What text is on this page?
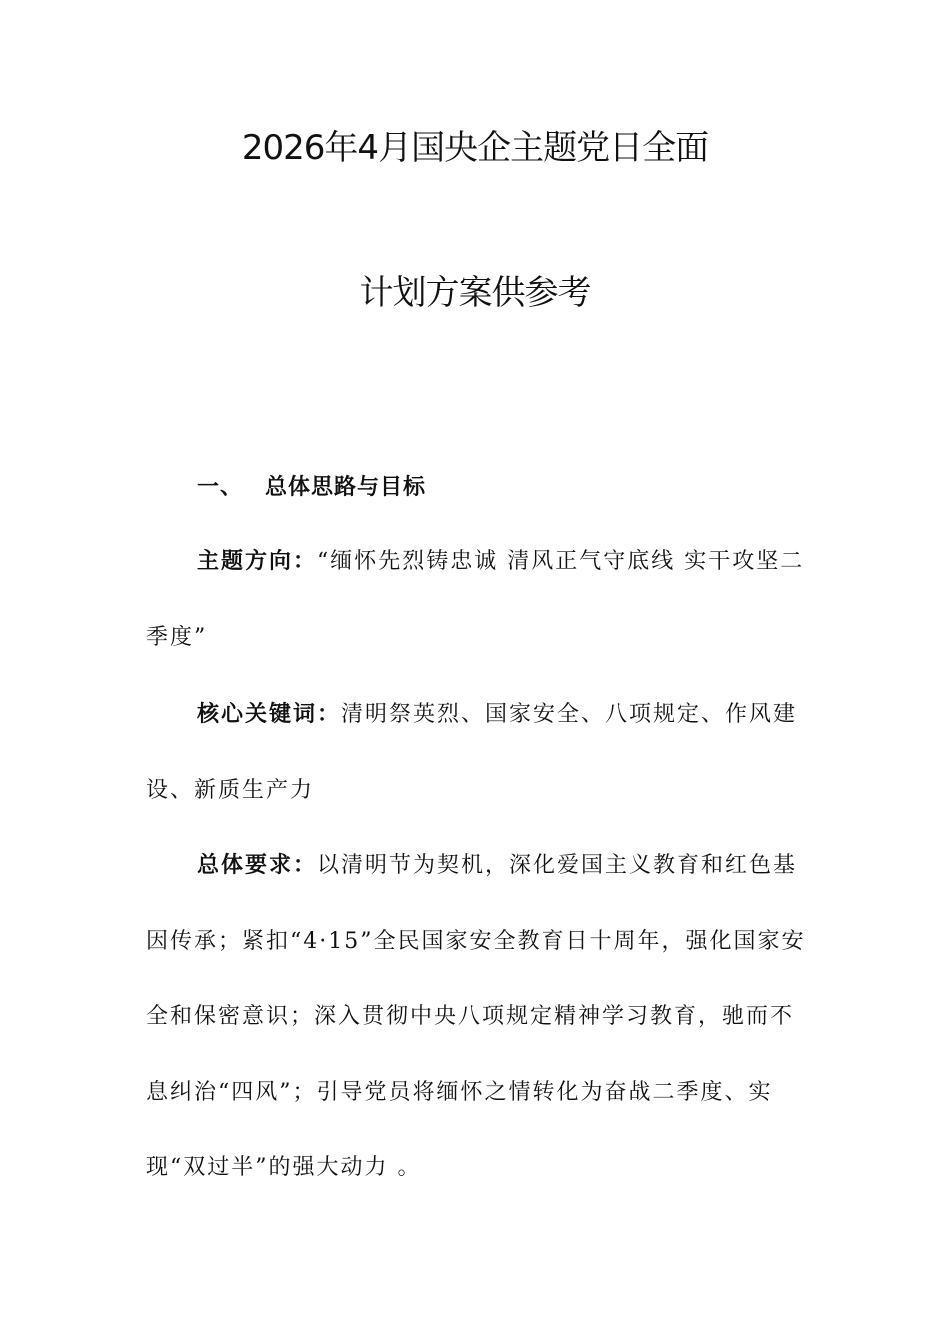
2026年4月国央企主题党日全面
计划方案供参考
一、 总体思路与目标
主题方向：“缅怀先烈铸忠诚 清风正气守底线 实干攻坚二季度”
核心关键词：清明祭英烈、国家安全、八项规定、作风建设、新质生产力
总体要求：以清明节为契机，深化爱国主义教育和红色基因传承；紧扣“4·15”全民国家安全教育日十周年，强化国家安全和保密意识；深入贯彻中央八项规定精神学习教育，驰而不息纠治“四风”；引导党员将缅怀之情转化为奋战二季度、实现“双过半”的强大动力 。
